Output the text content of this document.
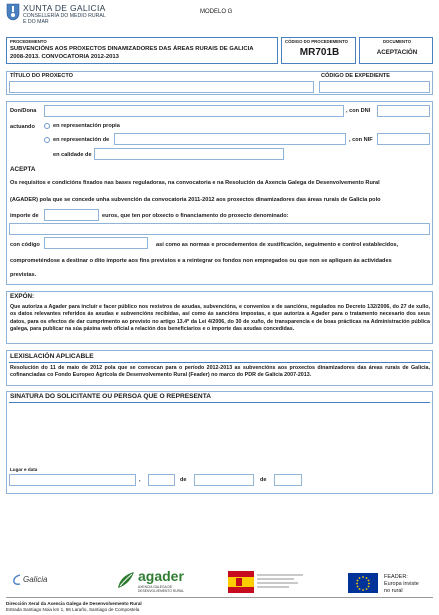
XUNTA DE GALICIA
CONSELLERÍA DO MEDIO RURAL
E DO MAR
MODELO G
PROCEDEMENTO
SUBVENCIÓNS AOS PROXECTOS DINAMIZADORES DAS ÁREAS RURAIS DE GALICIA
2008-2013. CONVOCATORIA 2012-2013
CÓDIGO DO PROCEDEMENTO
MR701B
DOCUMENTO
ACEPTACIÓN
TÍTULO DO PROXECTO	CÓDIGO DE EXPEDIENTE
Don/Dona	, con DNI
actuando	en representación propia
en representación de	, con NIF
en calidade de
ACEPTA
Os requisitos e condicións fixados nas bases reguladoras, na convocatoria e na Resolución da Axencia Galega de Desenvolvemento Rural
(AGADER) pola que se concede unha subvención da convocatoria 2011-2012 aos proxectos dinamizadores das áreas rurais de Galicia polo
importe de	euros, que ten por obxecto o financiamento do proxecto denominado:
con código	así como as normas e procedementos de xustificación, seguimento e control establecidos,
comprometéndose a destinar o dito importe aos fins previstos e a reintegrar os fondos non empregados ou que non se apliquen ás actividades
previstas.
EXPÓN:
Que autoriza a Agader para incluír e facer público nos rexistros de axudas, subvencións, e convenios e de sancións, regulados no Decreto 132/2006, do 27 de xullo, os datos relevantes referidos ás axudas e subvencións recibidas, así como ás sancións impostas, e que autoriza a Agader para o tratamento necesario dos seus datos, para os efectos de dar cumprimento ao previsto no artigo 13.4º da Lei 4/2006, do 30 de xuño, de transparencia e de boas prácticas na Administración pública galega, para publicar na súa páxina web oficial a relación dos beneficiarios e o importe das axudas concedidas.
LEXISLACIÓN APLICABLE
Resolución do 11 de maio de 2012 pola que se convocan para o período 2012-2013 as subvencións aos proxectos dinamizadores das áreas rurais de Galicia, cofinanciadas co Fondo Europeo Agrícola de Desenvolvemento Rural (Feader) no marco do PDR de Galicia 2007-2013.
SINATURA DO SOLICITANTE OU PERSOA QUE O REPRESENTA
Lugar e data
,	de	de
Galicia	agader
AXENCIA GALEGA DE
DESENVOLVEMENTO RURAL
FEADER:
Europa inviste
no rural
Dirección Xeral da Axencia Galega de Desenvolvemento Rural
Estrada Santiago Noia km 1, 56 Laraño, Santiago de Compostela
